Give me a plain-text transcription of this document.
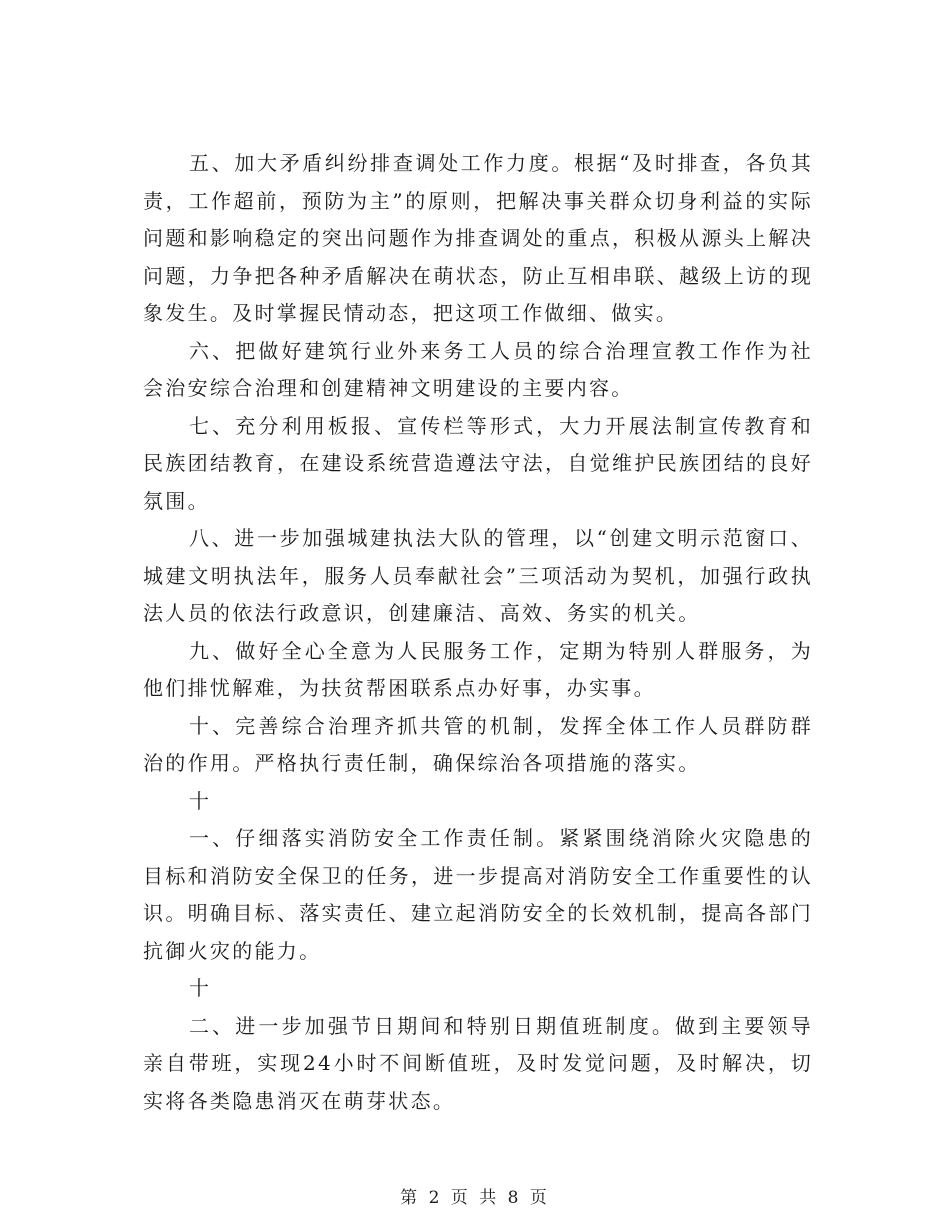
五、加大矛盾纠纷排查调处工作力度。根据“及时排查，各负其责，工作超前，预防为主”的原则，把解决事关群众切身利益的实际问题和影响稳定的突出问题作为排查调处的重点，积极从源头上解决问题，力争把各种矛盾解决在萌状态，防止互相串联、越级上访的现象发生。及时掌握民情动态，把这项工作做细、做实。

六、把做好建筑行业外来务工人员的综合治理宣教工作作为社会治安综合治理和创建精神文明建设的主要内容。

七、充分利用板报、宣传栏等形式，大力开展法制宣传教育和民族团结教育，在建设系统营造遵法守法，自觉维护民族团结的良好氛围。

八、进一步加强城建执法大队的管理，以“创建文明示范窗口、城建文明执法年，服务人员奉献社会”三项活动为契机，加强行政执法人员的依法行政意识，创建廉洁、高效、务实的机关。

九、做好全心全意为人民服务工作，定期为特别人群服务，为他们排忧解难，为扶贫帮困联系点办好事，办实事。

十、完善综合治理齐抓共管的机制，发挥全体工作人员群防群治的作用。严格执行责任制，确保综治各项措施的落实。

十

一、仔细落实消防安全工作责任制。紧紧围绕消除火灾隐患的目标和消防安全保卫的任务，进一步提高对消防安全工作重要性的认识。明确目标、落实责任、建立起消防安全的长效机制，提高各部门抗御火灾的能力。

十

二、进一步加强节日期间和特别日期值班制度。做到主要领导亲自带班，实现24小时不间断值班，及时发觉问题，及时解决，切实将各类隐患消灭在萌芽状态。

第 2 页 共 8 页
